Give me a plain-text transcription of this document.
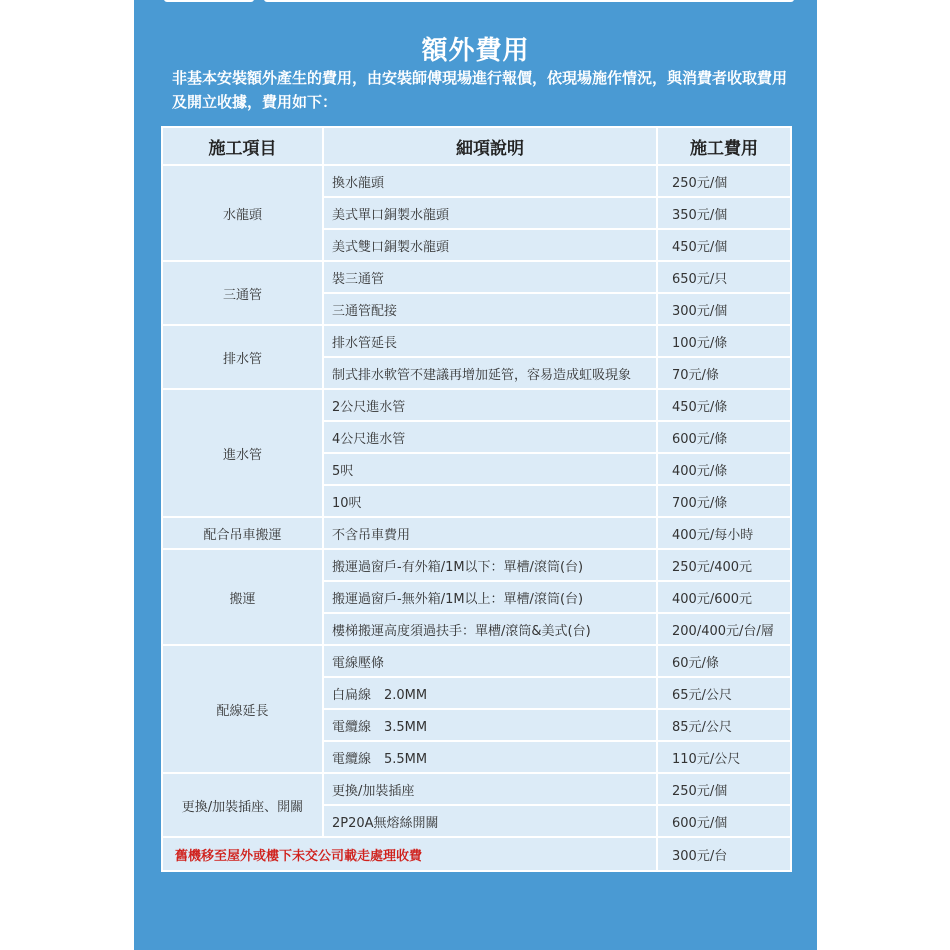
額外費用
非基本安裝額外產生的費用，由安裝師傅現場進行報價，依現場施作情況，與消費者收取費用及開立收據，費用如下：
施工項目	細項說明	施工費用
水龍頭	換水龍頭	250元/個
	美式單口銅製水龍頭	350元/個
	美式雙口銅製水龍頭	450元/個
三通管	裝三通管	650元/只
	三通管配接	300元/個
排水管	排水管延長	100元/條
	制式排水軟管不建議再增加延管，容易造成虹吸現象	70元/條
進水管	2公尺進水管	450元/條
	4公尺進水管	600元/條
	5呎	400元/條
	10呎	700元/條
配合吊車搬運	不含吊車費用	400元/每小時
搬運	搬運過窗戶-有外箱/1M以下：單槽/滾筒(台)	250元/400元
	搬運過窗戶-無外箱/1M以上：單槽/滾筒(台)	400元/600元
	樓梯搬運高度須過扶手：單槽/滾筒&美式(台)	200/400元/台/層
配線延長	電線壓條	60元/條
	白扁線　2.0MM	65元/公尺
	電纜線　3.5MM	85元/公尺
	電纜線　5.5MM	110元/公尺
更換/加裝插座、開關	更換/加裝插座	250元/個
	2P20A無熔絲開關	600元/個
舊機移至屋外或樓下未交公司載走處理收費		300元/台
